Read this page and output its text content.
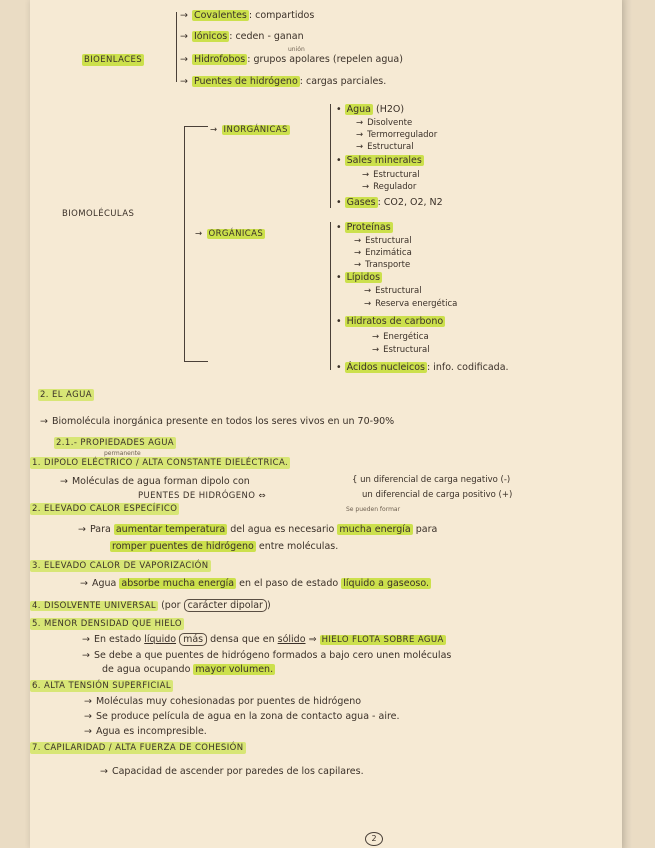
BIOENLACES
→ Covalentes : compartidos
→ Iónicos : ceden - ganan
unión
→ Hidrofobos : grupos apolares (repelen agua)
→ Puentes de hidrógeno : cargas parciales.
BIOMOLÉCULAS
→ INORGÁNICAS
→ ORGÁNICAS
• Agua (H2O)
→ Disolvente
→ Termorregulador
→ Estructural
• Sales minerales
→ Estructural
→ Regulador
• Gases : CO2, O2, N2
• Proteínas
→ Estructural
→ Enzimática
→ Transporte
• Lípidos
→ Estructural
→ Reserva energética
• Hidratos de carbono
→ Energética
→ Estructural
• Ácidos nucleicos : info. codificada.
2. EL AGUA
→ Biomolécula inorgánica presente en todos los seres vivos en un 70-90%
2.1.- PROPIEDADES AGUA
permanente
1. DIPOLO ELÉCTRICO / ALTA CONSTANTE DIELÉCTRICA.
→ Moléculas de agua forman dipolo con	{ un diferencial de carga negativo (-)
un diferencial de carga positivo (+)
PUENTES DE HIDRÓGENO ⇔
Se pueden formar
2. ELEVADO CALOR ESPECÍFICO
→ Para aumentar temperatura del agua es necesario mucha energía para
romper puentes de hidrógeno entre moléculas.
3. ELEVADO CALOR DE VAPORIZACIÓN
→ Agua absorbe mucha energía en el paso de estado líquido a gaseoso.
4. DISOLVENTE UNIVERSAL (por carácter dipolar )
5. MENOR DENSIDAD QUE HIELO
→ En estado líquido más densa que en sólido ⇒ HIELO FLOTA SOBRE AGUA
→ Se debe a que puentes de hidrógeno formados a bajo cero unen moléculas
de agua ocupando mayor volumen.
6. ALTA TENSIÓN SUPERFICIAL
→ Moléculas muy cohesionadas por puentes de hidrógeno
→ Se produce película de agua en la zona de contacto agua - aire.
→ Agua es incompresible.
7. CAPILARIDAD / ALTA FUERZA DE COHESIÓN
→ Capacidad de ascender por paredes de los capilares.
2
